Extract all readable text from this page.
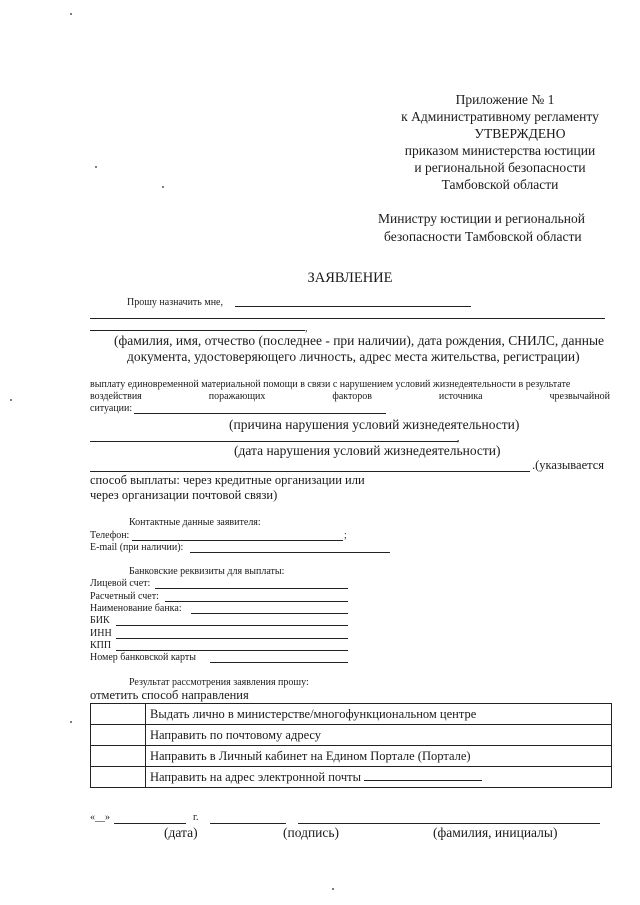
Приложение № 1
к Административному регламенту
УТВЕРЖДЕНО
приказом министерства юстиции
и региональной безопасности
Тамбовской области
Министру юстиции и региональной
безопасности Тамбовской области
ЗАЯВЛЕНИЕ
Прошу назначить мне,
,
(фамилия, имя, отчество (последнее - при наличии), дата рождения, СНИЛС, данные
документа, удостоверяющего личность, адрес места жительства, регистрации)
выплату единовременной материальной помощи в связи с нарушением условий жизнедеятельности в результате
воздействия	поражающих	факторов	источника	чрезвычайной
ситуации:
(причина нарушения условий жизнедеятельности)
,
(дата нарушения условий жизнедеятельности)
.(указывается
способ выплаты: через кредитные организации или
через организации почтовой связи)
Контактные данные заявителя:
Телефон:	;
E-mail (при наличии):
Банковские реквизиты для выплаты:
Лицевой счет:
Расчетный счет:
Наименование банка:
БИК
ИНН
КПП
Номер банковской карты
Результат рассмотрения заявления прошу:
отметить способ направления
	Выдать лично в министерстве/многофункциональном центре
	Направить по почтовому адресу
	Направить в Личный кабинет на Едином Портале (Портале)
	Направить на адрес электронной почты
«__»	г.
(дата)	(подпись)	(фамилия, инициалы)
